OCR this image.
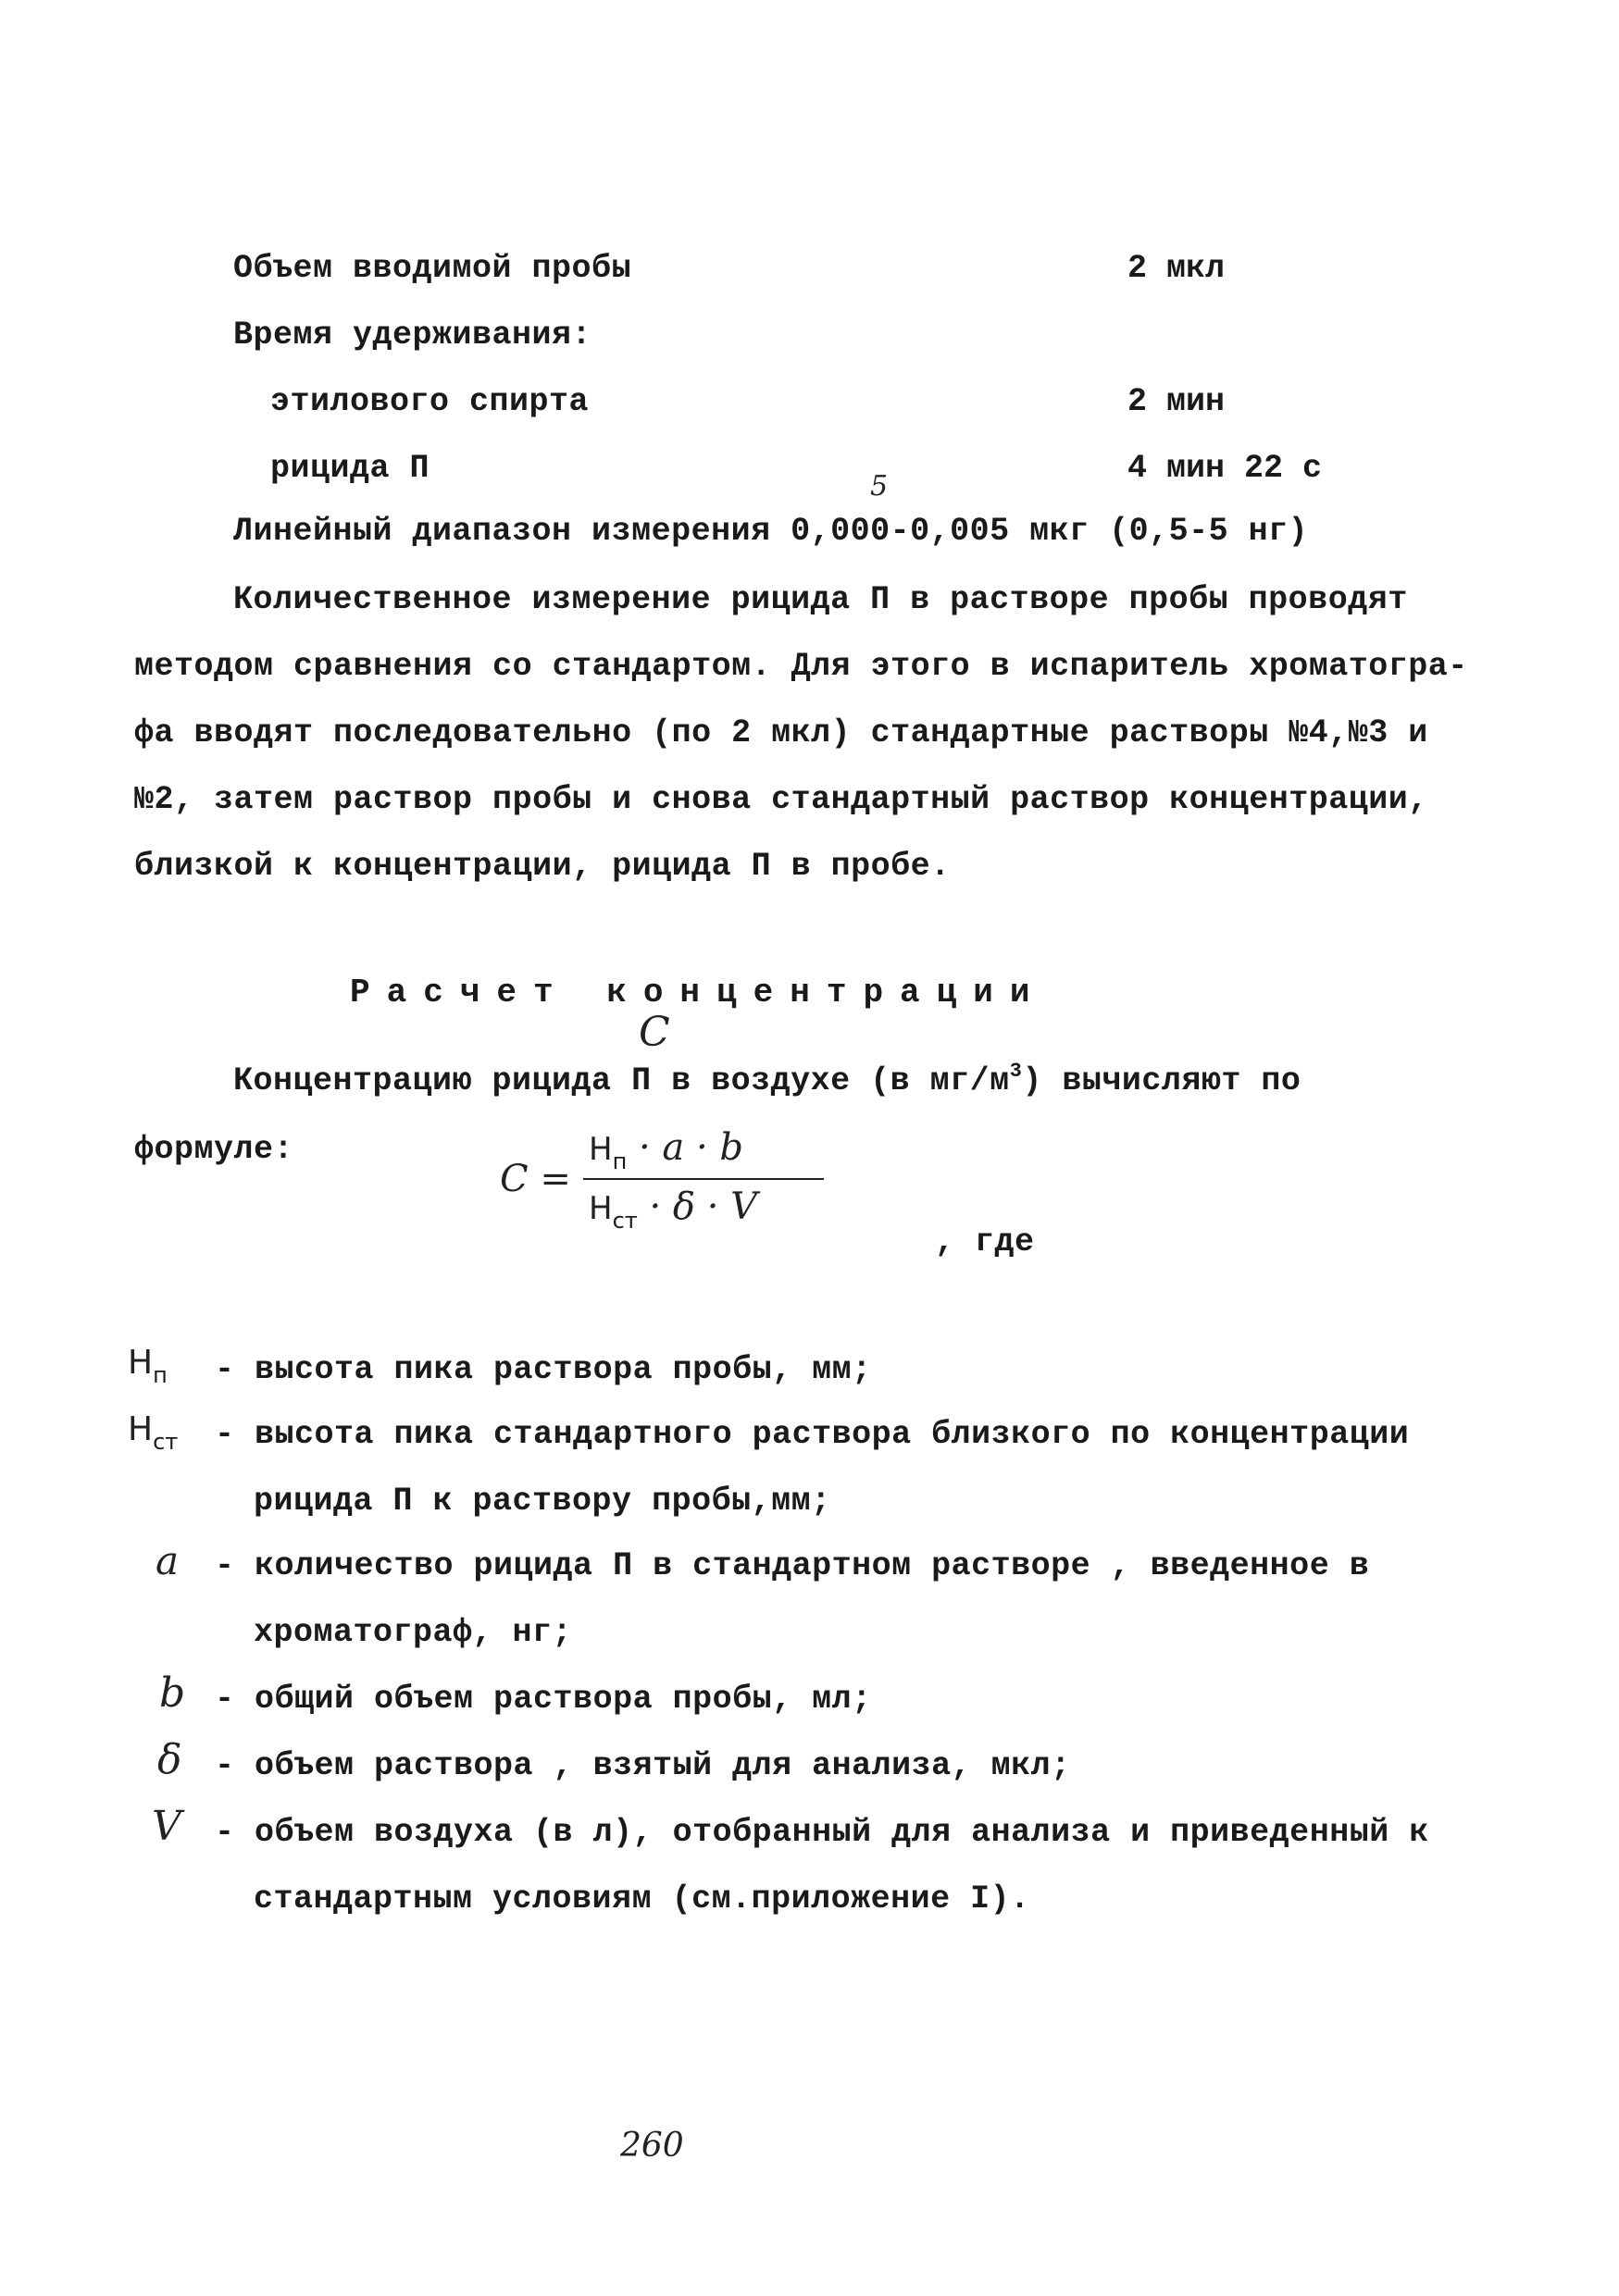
Объем вводимой пробы	2 мкл
Время удерживания:
этилового спирта	2 мин
рицида П	4 мин 22 с
5
Линейный диапазон измерения 0,000-0,005 мкг (0,5-5 нг)
Количественное измерение рицида П в растворе пробы проводят
методом сравнения со стандартом. Для этого в испаритель хроматогра-
фа вводят последовательно (по 2 мкл) стандартные растворы №4,№3 и
№2, затем раствор пробы и снова стандартный раствор концентрации,
близкой к концентрации, рицида П в пробе.
Расчет концентрации
C
Концентрацию рицида П в воздухе (в $мг/м^3$) вычисляют по
формуле:
C =
Hп · a · b
Hст · δ · V
, где
Hп - высота пика раствора пробы, мм;
Hст - высота пика стандартного раствора близкого по концентрации
рицида П к раствору пробы,мм;
a - количество рицида П в стандартном растворе , введенное в
хроматограф, нг;
b - общий объем раствора пробы, мл;
δ - объем раствора , взятый для анализа, мкл;
V - объем воздуха (в л), отобранный для анализа и приведенный к
стандартным условиям (см.приложение I).
260
